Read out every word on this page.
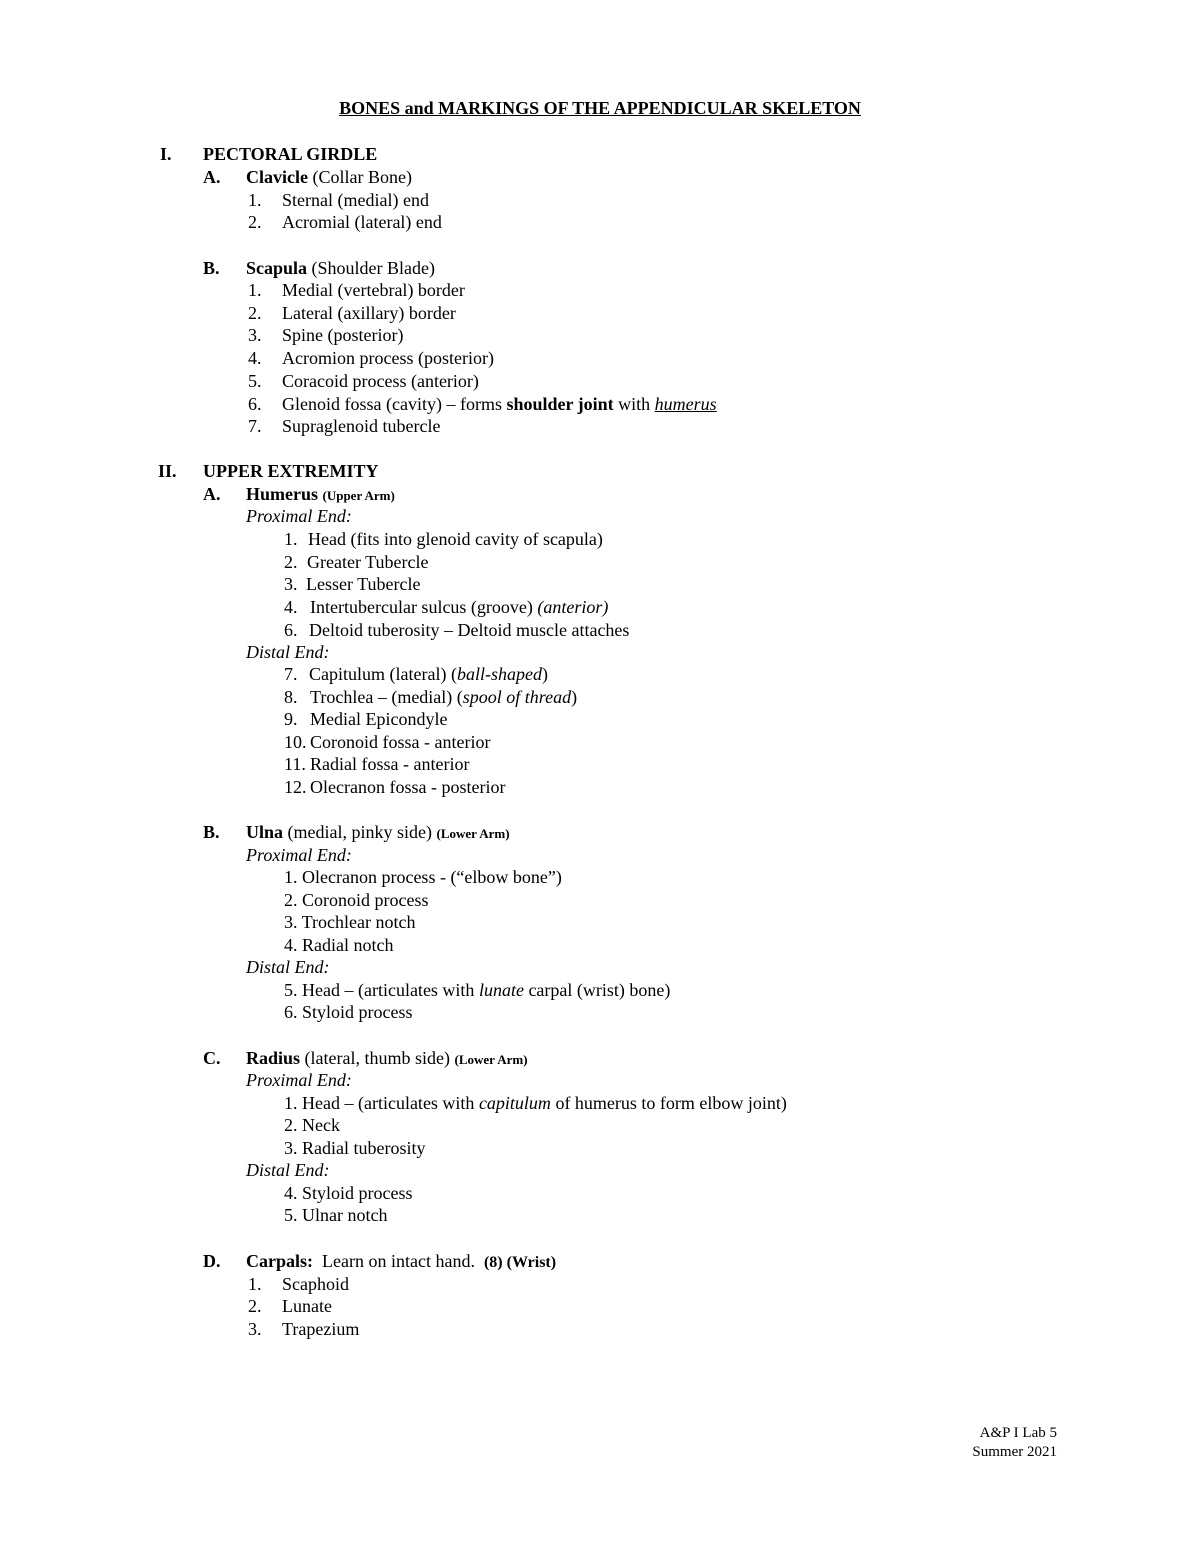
BONES and MARKINGS OF THE APPENDICULAR SKELETON
I. PECTORAL GIRDLE
A. Clavicle (Collar Bone)
1. Sternal (medial) end
2. Acromial (lateral) end
B. Scapula (Shoulder Blade)
1. Medial (vertebral) border
2. Lateral (axillary) border
3. Spine (posterior)
4. Acromion process (posterior)
5. Coracoid process (anterior)
6. Glenoid fossa (cavity) – forms shoulder joint with humerus
7. Supraglenoid tubercle
II. UPPER EXTREMITY
A. Humerus (Upper Arm)
Proximal End:
1. Head (fits into glenoid cavity of scapula)
2. Greater Tubercle
3. Lesser Tubercle
4. Intertubercular sulcus (groove) (anterior)
6. Deltoid tuberosity – Deltoid muscle attaches
Distal End:
7. Capitulum (lateral) (ball-shaped)
8. Trochlea – (medial) (spool of thread)
9. Medial Epicondyle
10. Coronoid fossa - anterior
11. Radial fossa - anterior
12. Olecranon fossa - posterior
B. Ulna (medial, pinky side) (Lower Arm)
Proximal End:
1. Olecranon process - (“elbow bone”)
2. Coronoid process
3. Trochlear notch
4. Radial notch
Distal End:
5. Head – (articulates with lunate carpal (wrist) bone)
6. Styloid process
C. Radius (lateral, thumb side) (Lower Arm)
Proximal End:
1. Head – (articulates with capitulum of humerus to form elbow joint)
2. Neck
3. Radial tuberosity
Distal End:
4. Styloid process
5. Ulnar notch
D. Carpals:  Learn on intact hand.  (8) (Wrist)
1. Scaphoid
2. Lunate
3. Trapezium
A&P I Lab 5
Summer 2021
